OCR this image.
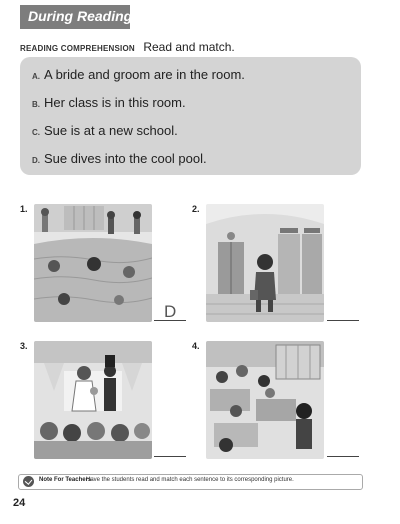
During Reading
READING COMPREHENSION Read and match.
A. A bride and groom are in the room.
B. Her class is in this room.
C. Sue is at a new school.
D. Sue dives into the cool pool.
1.
D
2.
3.	4.
Note For Teachers
Have the students read and match each sentence to its corresponding picture.
24
